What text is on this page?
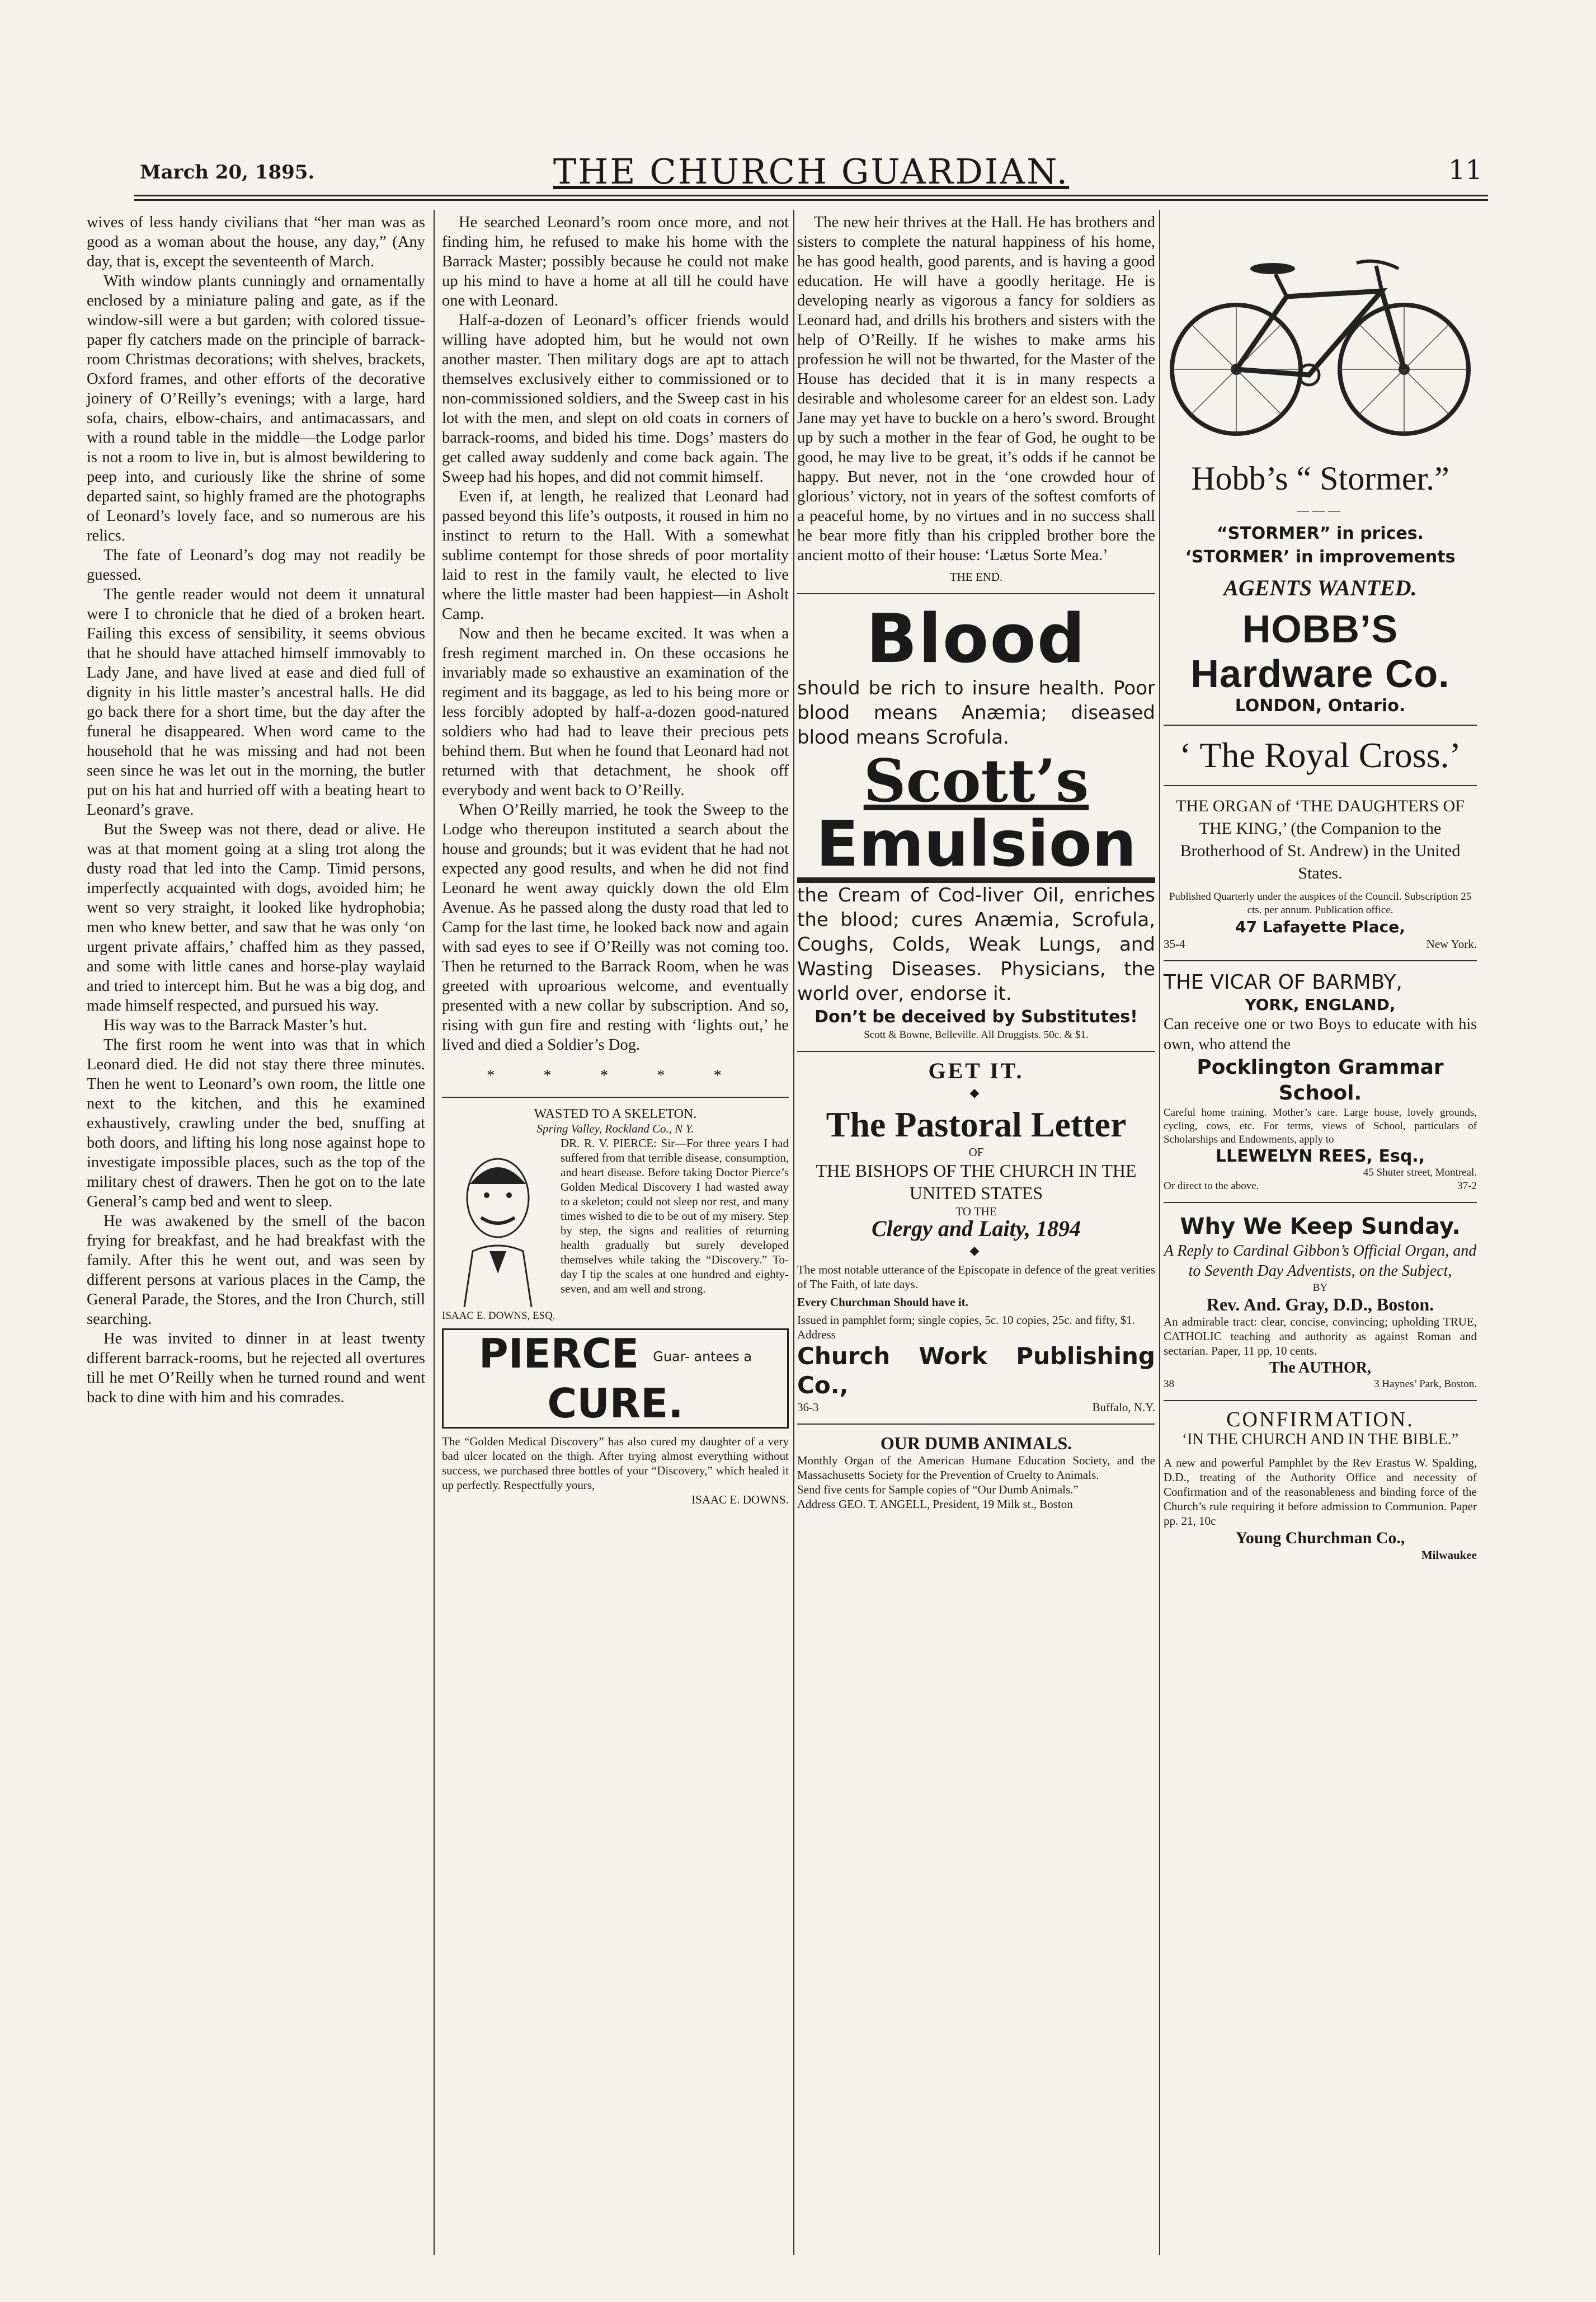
March 20, 1895.	THE CHURCH GUARDIAN.	11

wives of less handy civilians that “her man was as good as a woman about the house, any day,” (Any day, that is, except the seventeenth of March.

With window plants cunningly and ornamentally enclosed by a miniature paling and gate, as if the window-sill were a but garden; with colored tissue-paper fly catchers made on the principle of barrack-room Christmas decorations; with shelves, brackets, Oxford frames, and other efforts of the decorative joinery of O’Reilly’s evenings; with a large, hard sofa, chairs, elbow-chairs, and antimacassars, and with a round table in the middle—the Lodge parlor is not a room to live in, but is almost bewildering to peep into, and curiously like the shrine of some departed saint, so highly framed are the photographs of Leonard’s lovely face, and so numerous are his relics.

The fate of Leonard’s dog may not readily be guessed.

The gentle reader would not deem it unnatural were I to chronicle that he died of a broken heart. Failing this excess of sensibility, it seems obvious that he should have attached himself immovably to Lady Jane, and have lived at ease and died full of dignity in his little master’s ancestral halls. He did go back there for a short time, but the day after the funeral he disappeared. When word came to the household that he was missing and had not been seen since he was let out in the morning, the butler put on his hat and hurried off with a beating heart to Leonard’s grave.

But the Sweep was not there, dead or alive. He was at that moment going at a sling trot along the dusty road that led into the Camp. Timid persons, imperfectly acquainted with dogs, avoided him; he went so very straight, it looked like hydrophobia; men who knew better, and saw that he was only ‘on urgent private affairs,’ chaffed him as they passed, and some with little canes and horse-play waylaid and tried to intercept him. But he was a big dog, and made himself respected, and pursued his way.

His way was to the Barrack Master’s hut.

The first room he went into was that in which Leonard died. He did not stay there three minutes. Then he went to Leonard’s own room, the little one next to the kitchen, and this he examined exhaustively, crawling under the bed, snuffing at both doors, and lifting his long nose against hope to investigate impossible places, such as the top of the military chest of drawers. Then he got on to the late General’s camp bed and went to sleep.

He was awakened by the smell of the bacon frying for breakfast, and he had breakfast with the family. After this he went out, and was seen by different persons at various places in the Camp, the General Parade, the Stores, and the Iron Church, still searching.

He was invited to dinner in at least twenty different barrack-rooms, but he rejected all overtures till he met O’Reilly when he turned round and went back to dine with him and his comrades.

He searched Leonard’s room once more, and not finding him, he refused to make his home with the Barrack Master; possibly because he could not make up his mind to have a home at all till he could have one with Leonard.

Half-a-dozen of Leonard’s officer friends would willing have adopted him, but he would not own another master. Then military dogs are apt to attach themselves exclusively either to commissioned or to non-commissioned soldiers, and the Sweep cast in his lot with the men, and slept on old coats in corners of barrack-rooms, and bided his time. Dogs’ masters do get called away suddenly and come back again. The Sweep had his hopes, and did not commit himself.

Even if, at length, he realized that Leonard had passed beyond this life’s outposts, it roused in him no instinct to return to the Hall. With a somewhat sublime contempt for those shreds of poor mortality laid to rest in the family vault, he elected to live where the little master had been happiest—in Asholt Camp.

Now and then he became excited. It was when a fresh regiment marched in. On these occasions he invariably made so exhaustive an examination of the regiment and its baggage, as led to his being more or less forcibly adopted by half-a-dozen good-natured soldiers who had had to leave their precious pets behind them. But when he found that Leonard had not returned with that detachment, he shook off everybody and went back to O’Reilly.

When O’Reilly married, he took the Sweep to the Lodge who thereupon instituted a search about the house and grounds; but it was evident that he had not expected any good results, and when he did not find Leonard he went away quickly down the old Elm Avenue. As he passed along the dusty road that led to Camp for the last time, he looked back now and again with sad eyes to see if O’Reilly was not coming too. Then he returned to the Barrack Room, when he was greeted with uproarious welcome, and eventually presented with a new collar by subscription. And so, rising with gun fire and resting with ‘lights out,’ he lived and died a Soldier’s Dog.

* * * * *
WASTED TO A SKELETON.
Spring Valley, Rockland Co., N Y.
DR. R. V. PIERCE: Sir—For three years I had suffered from that terrible disease, consumption, and heart disease. Before taking Doctor Pierce’s Golden Medical Discovery I had wasted away to a skeleton; could not sleep nor rest, and many times wished to die to be out of my misery. Step by step, the signs and realities of returning health gradually but surely developed themselves while taking the “Discovery.” To-day I tip the scales at one hundred and eighty-seven, and am well and strong.
ISAAC E. DOWNS, ESQ.
PIERCE Guar- antees a CURE.
The “Golden Medical Discovery” has also cured my daughter of a very bad ulcer located on the thigh. After trying almost everything without success, we purchased three bottles of your “Discovery,” which healed it up perfectly. Respectfully yours,
ISAAC E. DOWNS.

The new heir thrives at the Hall. He has brothers and sisters to complete the natural happiness of his home, he has good health, good parents, and is having a good education. He will have a goodly heritage. He is developing nearly as vigorous a fancy for soldiers as Leonard had, and drills his brothers and sisters with the help of O’Reilly. If he wishes to make arms his profession he will not be thwarted, for the Master of the House has decided that it is in many respects a desirable and wholesome career for an eldest son. Lady Jane may yet have to buckle on a hero’s sword. Brought up by such a mother in the fear of God, he ought to be good, he may live to be great, it’s odds if he cannot be happy. But never, not in the ‘one crowded hour of glorious’ victory, not in years of the softest comforts of a peaceful home, by no virtues and in no success shall he bear more fitly than his crippled brother bore the ancient motto of their house: ‘Lætus Sorte Mea.’

THE END.
Blood
should be rich to insure health. Poor blood means Anæmia; diseased blood means Scrofula.
Scott’s
Emulsion
the Cream of Cod-liver Oil, enriches the blood; cures Anæmia, Scrofula, Coughs, Colds, Weak Lungs, and Wasting Diseases. Physicians, the world over, endorse it.
Don’t be deceived by Substitutes!
Scott & Bowne, Belleville. All Druggists. 50c. & $1.
GET IT.
◆
The Pastoral Letter
OF
THE BISHOPS OF THE CHURCH IN THE UNITED STATES
TO THE
Clergy and Laity, 1894
◆
The most notable utterance of the Episcopate in defence of the great verities of The Faith, of late days.
Every Churchman Should have it.
Issued in pamphlet form; single copies, 5c. 10 copies, 25c. and fifty, $1.
Address
Church Work Publishing Co.,
36-3	Buffalo, N.Y.
OUR DUMB ANIMALS.
Monthly Organ of the American Humane Education Society, and the Massachusetts Society for the Prevention of Cruelty to Animals.
Send five cents for Sample copies of “Our Dumb Animals.”
Address GEO. T. ANGELL, President, 19 Milk st., Boston
Hobb’s “ Stormer.”
———
“STORMER” in prices.
‘STORMER’ in improvements
AGENTS WANTED.
HOBB’S Hardware Co.
LONDON, Ontario.
‘ The Royal Cross.’
THE ORGAN of ‘THE DAUGHTERS OF THE KING,’ (the Companion to the Brotherhood of St. Andrew) in the United States.
Published Quarterly under the auspices of the Council. Subscription 25 cts. per annum. Publication office.
47 Lafayette Place,
35-4	New York.
THE VICAR OF BARMBY,
YORK, ENGLAND,
Can receive one or two Boys to educate with his own, who attend the
Pocklington Grammar School.
Careful home training. Mother’s care. Large house, lovely grounds, cycling, cows, etc. For terms, views of School, particulars of Scholarships and Endowments, apply to
LLEWELYN REES, Esq.,
45 Shuter street, Montreal.
Or direct to the above.	37-2
Why We Keep Sunday.
A Reply to Cardinal Gibbon’s Official Organ, and to Seventh Day Adventists, on the Subject,
BY
Rev. And. Gray, D.D., Boston.
An admirable tract: clear, concise, convincing; upholding TRUE, CATHOLIC teaching and authority as against Roman and sectarian. Paper, 11 pp, 10 cents.
The AUTHOR,
38	3 Haynes’ Park, Boston.
CONFIRMATION.
‘IN THE CHURCH AND IN THE BIBLE.”
A new and powerful Pamphlet by the Rev Erastus W. Spalding, D.D., treating of the Authority Office and necessity of Confirmation and of the reasonableness and binding force of the Church’s rule requiring it before admission to Communion. Paper pp. 21, 10c
Young Churchman Co.,
Milwaukee
